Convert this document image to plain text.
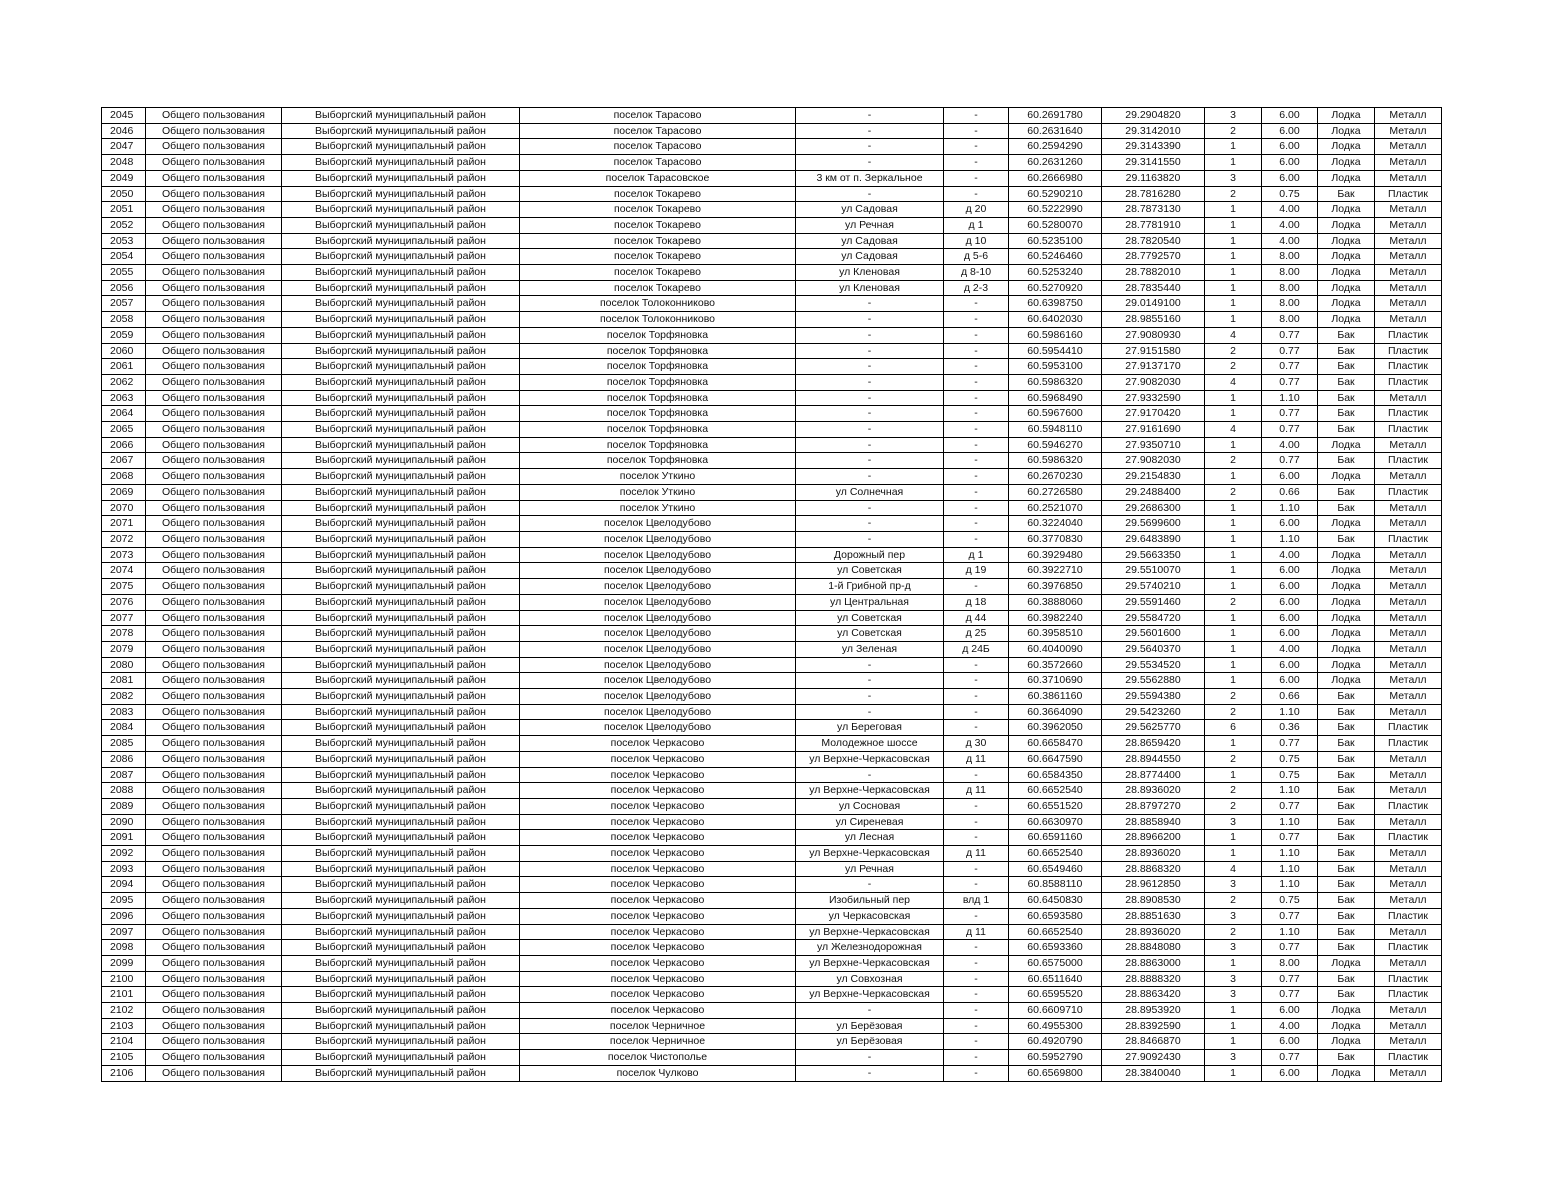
2045	Общего пользования	Выборгский муниципальный район	поселок Тарасово	-	-	60.2691780	29.2904820	3	6.00	Лодка	Металл
2046	Общего пользования	Выборгский муниципальный район	поселок Тарасово	-	-	60.2631640	29.3142010	2	6.00	Лодка	Металл
2047	Общего пользования	Выборгский муниципальный район	поселок Тарасово	-	-	60.2594290	29.3143390	1	6.00	Лодка	Металл
2048	Общего пользования	Выборгский муниципальный район	поселок Тарасово	-	-	60.2631260	29.3141550	1	6.00	Лодка	Металл
2049	Общего пользования	Выборгский муниципальный район	поселок Тарасовское	3 км от п. Зеркальное	-	60.2666980	29.1163820	3	6.00	Лодка	Металл
2050	Общего пользования	Выборгский муниципальный район	поселок Токарево	-	-	60.5290210	28.7816280	2	0.75	Бак	Пластик
2051	Общего пользования	Выборгский муниципальный район	поселок Токарево	ул Садовая	д 20	60.5222990	28.7873130	1	4.00	Лодка	Металл
2052	Общего пользования	Выборгский муниципальный район	поселок Токарево	ул Речная	д 1	60.5280070	28.7781910	1	4.00	Лодка	Металл
2053	Общего пользования	Выборгский муниципальный район	поселок Токарево	ул Садовая	д 10	60.5235100	28.7820540	1	4.00	Лодка	Металл
2054	Общего пользования	Выборгский муниципальный район	поселок Токарево	ул Садовая	д 5-6	60.5246460	28.7792570	1	8.00	Лодка	Металл
2055	Общего пользования	Выборгский муниципальный район	поселок Токарево	ул Кленовая	д 8-10	60.5253240	28.7882010	1	8.00	Лодка	Металл
2056	Общего пользования	Выборгский муниципальный район	поселок Токарево	ул Кленовая	д 2-3	60.5270920	28.7835440	1	8.00	Лодка	Металл
2057	Общего пользования	Выборгский муниципальный район	поселок Толоконниково	-	-	60.6398750	29.0149100	1	8.00	Лодка	Металл
2058	Общего пользования	Выборгский муниципальный район	поселок Толоконниково	-	-	60.6402030	28.9855160	1	8.00	Лодка	Металл
2059	Общего пользования	Выборгский муниципальный район	поселок Торфяновка	-	-	60.5986160	27.9080930	4	0.77	Бак	Пластик
2060	Общего пользования	Выборгский муниципальный район	поселок Торфяновка	-	-	60.5954410	27.9151580	2	0.77	Бак	Пластик
2061	Общего пользования	Выборгский муниципальный район	поселок Торфяновка	-	-	60.5953100	27.9137170	2	0.77	Бак	Пластик
2062	Общего пользования	Выборгский муниципальный район	поселок Торфяновка	-	-	60.5986320	27.9082030	4	0.77	Бак	Пластик
2063	Общего пользования	Выборгский муниципальный район	поселок Торфяновка	-	-	60.5968490	27.9332590	1	1.10	Бак	Металл
2064	Общего пользования	Выборгский муниципальный район	поселок Торфяновка	-	-	60.5967600	27.9170420	1	0.77	Бак	Пластик
2065	Общего пользования	Выборгский муниципальный район	поселок Торфяновка	-	-	60.5948110	27.9161690	4	0.77	Бак	Пластик
2066	Общего пользования	Выборгский муниципальный район	поселок Торфяновка	-	-	60.5946270	27.9350710	1	4.00	Лодка	Металл
2067	Общего пользования	Выборгский муниципальный район	поселок Торфяновка	-	-	60.5986320	27.9082030	2	0.77	Бак	Пластик
2068	Общего пользования	Выборгский муниципальный район	поселок Уткино	-	-	60.2670230	29.2154830	1	6.00	Лодка	Металл
2069	Общего пользования	Выборгский муниципальный район	поселок Уткино	ул Солнечная	-	60.2726580	29.2488400	2	0.66	Бак	Пластик
2070	Общего пользования	Выборгский муниципальный район	поселок Уткино	-	-	60.2521070	29.2686300	1	1.10	Бак	Металл
2071	Общего пользования	Выборгский муниципальный район	поселок Цвелодубово	-	-	60.3224040	29.5699600	1	6.00	Лодка	Металл
2072	Общего пользования	Выборгский муниципальный район	поселок Цвелодубово	-	-	60.3770830	29.6483890	1	1.10	Бак	Пластик
2073	Общего пользования	Выборгский муниципальный район	поселок Цвелодубово	Дорожный пер	д 1	60.3929480	29.5663350	1	4.00	Лодка	Металл
2074	Общего пользования	Выборгский муниципальный район	поселок Цвелодубово	ул Советская	д 19	60.3922710	29.5510070	1	6.00	Лодка	Металл
2075	Общего пользования	Выборгский муниципальный район	поселок Цвелодубово	1-й Грибной пр-д	-	60.3976850	29.5740210	1	6.00	Лодка	Металл
2076	Общего пользования	Выборгский муниципальный район	поселок Цвелодубово	ул Центральная	д 18	60.3888060	29.5591460	2	6.00	Лодка	Металл
2077	Общего пользования	Выборгский муниципальный район	поселок Цвелодубово	ул Советская	д 44	60.3982240	29.5584720	1	6.00	Лодка	Металл
2078	Общего пользования	Выборгский муниципальный район	поселок Цвелодубово	ул Советская	д 25	60.3958510	29.5601600	1	6.00	Лодка	Металл
2079	Общего пользования	Выборгский муниципальный район	поселок Цвелодубово	ул Зеленая	д 24Б	60.4040090	29.5640370	1	4.00	Лодка	Металл
2080	Общего пользования	Выборгский муниципальный район	поселок Цвелодубово	-	-	60.3572660	29.5534520	1	6.00	Лодка	Металл
2081	Общего пользования	Выборгский муниципальный район	поселок Цвелодубово	-	-	60.3710690	29.5562880	1	6.00	Лодка	Металл
2082	Общего пользования	Выборгский муниципальный район	поселок Цвелодубово	-	-	60.3861160	29.5594380	2	0.66	Бак	Металл
2083	Общего пользования	Выборгский муниципальный район	поселок Цвелодубово	-	-	60.3664090	29.5423260	2	1.10	Бак	Металл
2084	Общего пользования	Выборгский муниципальный район	поселок Цвелодубово	ул Береговая	-	60.3962050	29.5625770	6	0.36	Бак	Пластик
2085	Общего пользования	Выборгский муниципальный район	поселок Черкасово	Молодежное шоссе	д 30	60.6658470	28.8659420	1	0.77	Бак	Пластик
2086	Общего пользования	Выборгский муниципальный район	поселок Черкасово	ул Верхне-Черкасовская	д 11	60.6647590	28.8944550	2	0.75	Бак	Металл
2087	Общего пользования	Выборгский муниципальный район	поселок Черкасово	-	-	60.6584350	28.8774400	1	0.75	Бак	Металл
2088	Общего пользования	Выборгский муниципальный район	поселок Черкасово	ул Верхне-Черкасовская	д 11	60.6652540	28.8936020	2	1.10	Бак	Металл
2089	Общего пользования	Выборгский муниципальный район	поселок Черкасово	ул Сосновая	-	60.6551520	28.8797270	2	0.77	Бак	Пластик
2090	Общего пользования	Выборгский муниципальный район	поселок Черкасово	ул Сиреневая	-	60.6630970	28.8858940	3	1.10	Бак	Металл
2091	Общего пользования	Выборгский муниципальный район	поселок Черкасово	ул Лесная	-	60.6591160	28.8966200	1	0.77	Бак	Пластик
2092	Общего пользования	Выборгский муниципальный район	поселок Черкасово	ул Верхне-Черкасовская	д 11	60.6652540	28.8936020	1	1.10	Бак	Металл
2093	Общего пользования	Выборгский муниципальный район	поселок Черкасово	ул Речная	-	60.6549460	28.8868320	4	1.10	Бак	Металл
2094	Общего пользования	Выборгский муниципальный район	поселок Черкасово	-	-	60.8588110	28.9612850	3	1.10	Бак	Металл
2095	Общего пользования	Выборгский муниципальный район	поселок Черкасово	Изобильный пер	влд 1	60.6450830	28.8908530	2	0.75	Бак	Металл
2096	Общего пользования	Выборгский муниципальный район	поселок Черкасово	ул Черкасовская	-	60.6593580	28.8851630	3	0.77	Бак	Пластик
2097	Общего пользования	Выборгский муниципальный район	поселок Черкасово	ул Верхне-Черкасовская	д 11	60.6652540	28.8936020	2	1.10	Бак	Металл
2098	Общего пользования	Выборгский муниципальный район	поселок Черкасово	ул Железнодорожная	-	60.6593360	28.8848080	3	0.77	Бак	Пластик
2099	Общего пользования	Выборгский муниципальный район	поселок Черкасово	ул Верхне-Черкасовская	-	60.6575000	28.8863000	1	8.00	Лодка	Металл
2100	Общего пользования	Выборгский муниципальный район	поселок Черкасово	ул Совхозная	-	60.6511640	28.8888320	3	0.77	Бак	Пластик
2101	Общего пользования	Выборгский муниципальный район	поселок Черкасово	ул Верхне-Черкасовская	-	60.6595520	28.8863420	3	0.77	Бак	Пластик
2102	Общего пользования	Выборгский муниципальный район	поселок Черкасово	-	-	60.6609710	28.8953920	1	6.00	Лодка	Металл
2103	Общего пользования	Выборгский муниципальный район	поселок Черничное	ул Берёзовая	-	60.4955300	28.8392590	1	4.00	Лодка	Металл
2104	Общего пользования	Выборгский муниципальный район	поселок Черничное	ул Берёзовая	-	60.4920790	28.8466870	1	6.00	Лодка	Металл
2105	Общего пользования	Выборгский муниципальный район	поселок Чистополье	-	-	60.5952790	27.9092430	3	0.77	Бак	Пластик
2106	Общего пользования	Выборгский муниципальный район	поселок Чулково	-	-	60.6569800	28.3840040	1	6.00	Лодка	Металл
